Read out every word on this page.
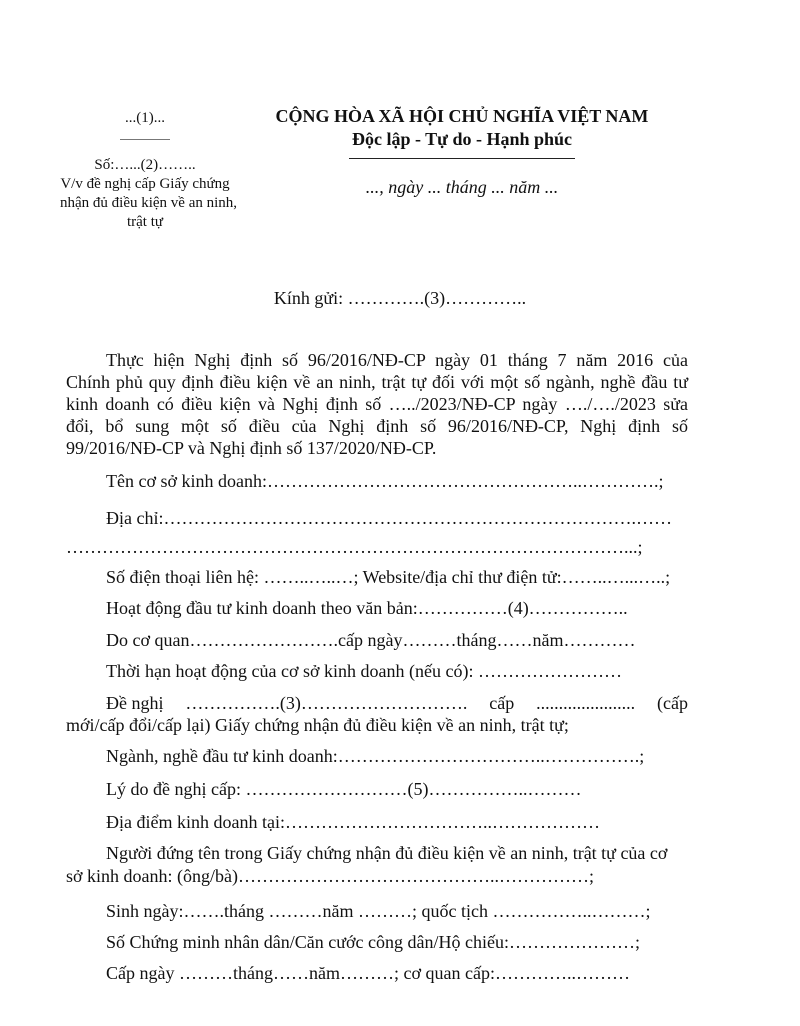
...(1)...
Số:…...(2)……..
V/v đề nghị cấp Giấy chứng
nhận đủ điều kiện về an ninh,
trật tự
CỘNG HÒA XÃ HỘI CHỦ NGHĨA VIỆT NAM
Độc lập - Tự do - Hạnh phúc
..., ngày ... tháng ... năm ...
Kính gửi: ………….(3)…………..
Thực hiện Nghị định số 96/2016/NĐ-CP ngày 01 tháng 7 năm 2016 của
Chính phủ quy định điều kiện về an ninh, trật tự đối với một số ngành, nghề đầu tư
kinh doanh có điều kiện và Nghị định số …../2023/NĐ-CP ngày …./…./2023 sửa
đổi, bổ sung một số điều của Nghị định số 96/2016/NĐ-CP, Nghị định số
99/2016/NĐ-CP và Nghị định số 137/2020/NĐ-CP.
Tên cơ sở kinh doanh:……………………………………………..………….;
Địa chỉ:…………………………………………………………………….……
…………………………………………………………………………………...;
Số điện thoại liên hệ: ……..…..…; Website/địa chỉ thư điện tử:……..…...…..;
Hoạt động đầu tư kinh doanh theo văn bản:……………(4)……………..
Do cơ quan…………………….cấp ngày………tháng……năm…………
Thời hạn hoạt động của cơ sở kinh doanh (nếu có): ……………………
Đề nghị …………….(3)………………………. cấp ...................... (cấp
mới/cấp đổi/cấp lại) Giấy chứng nhận đủ điều kiện về an ninh, trật tự;
Ngành, nghề đầu tư kinh doanh:……………………………..…………….;
Lý do đề nghị cấp: ………………………(5)……………..………
Địa điểm kinh doanh tại:……………………………..………………
Người đứng tên trong Giấy chứng nhận đủ điều kiện về an ninh, trật tự của cơ
sở kinh doanh: (ông/bà)……………………………………..……………;
Sinh ngày:…….tháng ………năm ………; quốc tịch ……………..………;
Số Chứng minh nhân dân/Căn cước công dân/Hộ chiếu:…………………;
Cấp ngày ………tháng……năm………; cơ quan cấp:…………..………
